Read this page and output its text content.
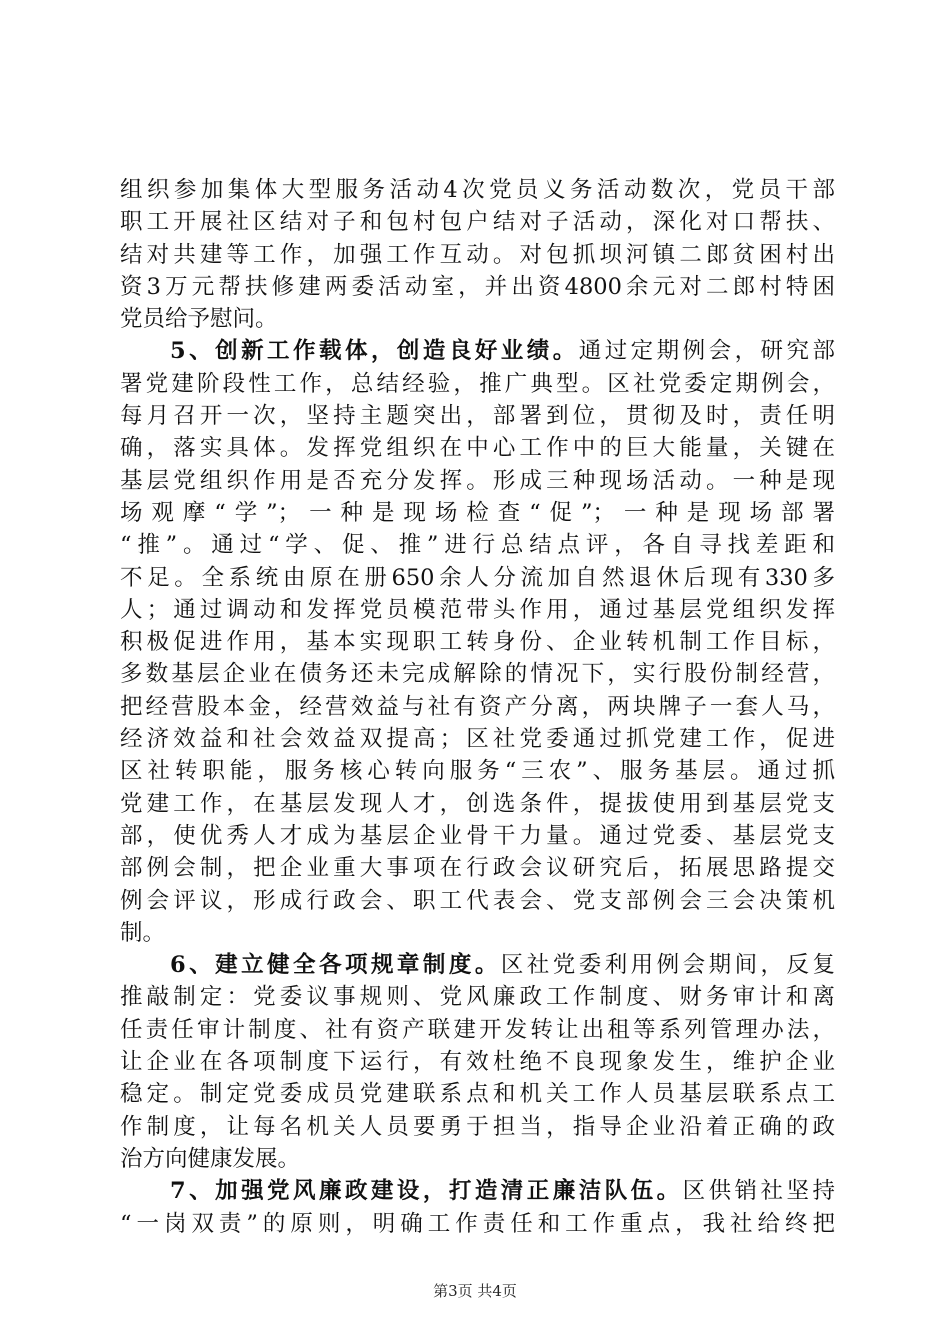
组织参加集体大型服务活动4次党员义务活动数次，党员干部
职工开展社区结对子和包村包户结对子活动，深化对口帮扶、
结对共建等工作，加强工作互动。对包抓坝河镇二郎贫困村出
资3万元帮扶修建两委活动室，并出资4800余元对二郎村特困
党员给予慰问。
5、创新工作载体，创造良好业绩。通过定期例会，研究部
署党建阶段性工作，总结经验，推广典型。区社党委定期例会，
每月召开一次，坚持主题突出，部署到位，贯彻及时，责任明
确，落实具体。发挥党组织在中心工作中的巨大能量，关键在
基层党组织作用是否充分发挥。形成三种现场活动。一种是现
场观摩“学”；一种是现场检查“促”；一种是现场部署
“推”。通过“学、促、推”进行总结点评，各自寻找差距和
不足。全系统由原在册650余人分流加自然退休后现有330多
人；通过调动和发挥党员模范带头作用，通过基层党组织发挥
积极促进作用，基本实现职工转身份、企业转机制工作目标，
多数基层企业在债务还未完成解除的情况下，实行股份制经营，
把经营股本金，经营效益与社有资产分离，两块牌子一套人马，
经济效益和社会效益双提高；区社党委通过抓党建工作，促进
区社转职能，服务核心转向服务“三农”、服务基层。通过抓
党建工作，在基层发现人才，创选条件，提拔使用到基层党支
部，使优秀人才成为基层企业骨干力量。通过党委、基层党支
部例会制，把企业重大事项在行政会议研究后，拓展思路提交
例会评议，形成行政会、职工代表会、党支部例会三会决策机
制。
6、建立健全各项规章制度。区社党委利用例会期间，反复
推敲制定：党委议事规则、党风廉政工作制度、财务审计和离
任责任审计制度、社有资产联建开发转让出租等系列管理办法，
让企业在各项制度下运行，有效杜绝不良现象发生，维护企业
稳定。制定党委成员党建联系点和机关工作人员基层联系点工
作制度，让每名机关人员要勇于担当，指导企业沿着正确的政
治方向健康发展。
7、加强党风廉政建设，打造清正廉洁队伍。区供销社坚持
“一岗双责”的原则，明确工作责任和工作重点，我社给终把
第3页 共4页
